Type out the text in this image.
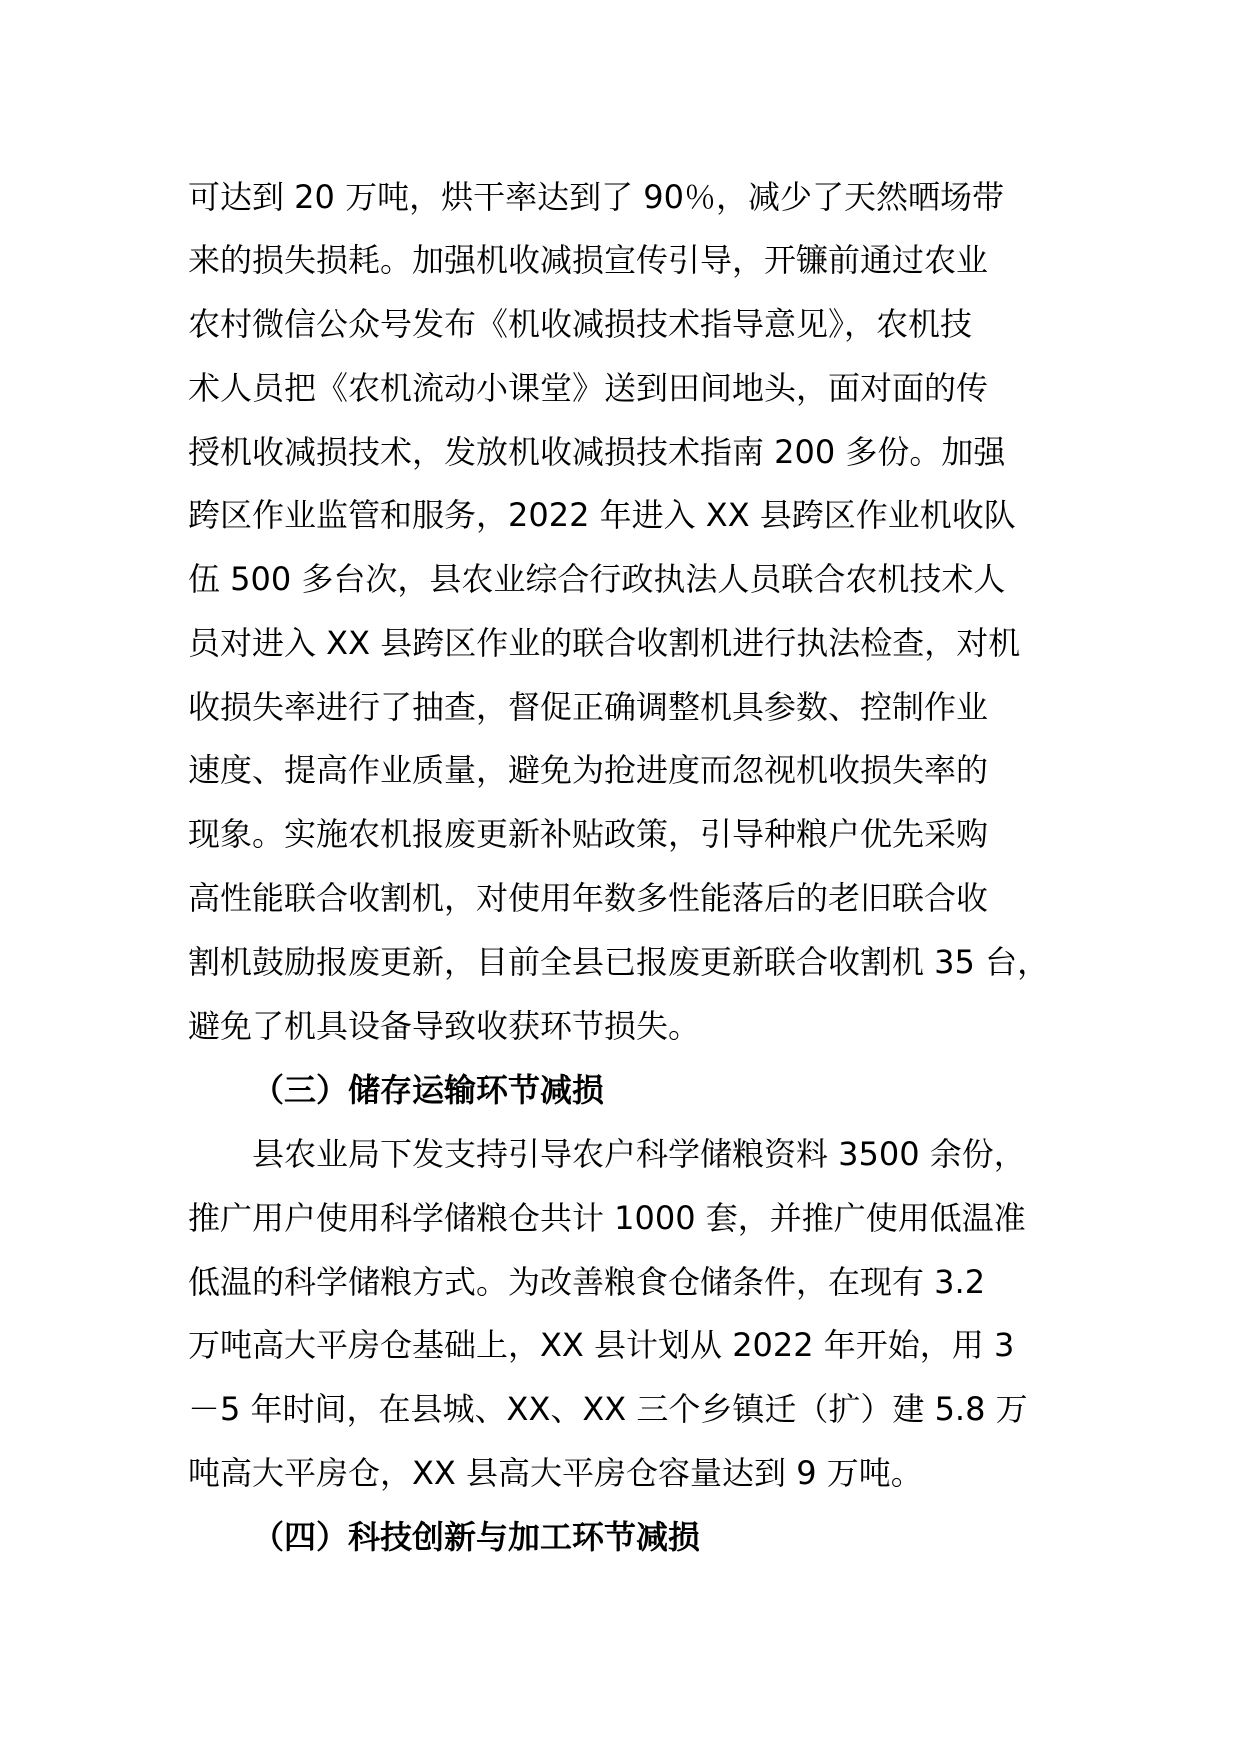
可达到 20 万吨，烘干率达到了 90％，减少了天然晒场带
来的损失损耗。加强机收减损宣传引导，开镰前通过农业
农村微信公众号发布《机收减损技术指导意见》，农机技
术人员把《农机流动小课堂》送到田间地头，面对面的传
授机收减损技术，发放机收减损技术指南 200 多份。加强
跨区作业监管和服务，2022 年进入 XX 县跨区作业机收队
伍 500 多台次，县农业综合行政执法人员联合农机技术人
员对进入 XX 县跨区作业的联合收割机进行执法检查，对机
收损失率进行了抽查，督促正确调整机具参数、控制作业
速度、提高作业质量，避免为抢进度而忽视机收损失率的
现象。实施农机报废更新补贴政策，引导种粮户优先采购
高性能联合收割机，对使用年数多性能落后的老旧联合收
割机鼓励报废更新，目前全县已报废更新联合收割机 35 台，
避免了机具设备导致收获环节损失。
（三）储存运输环节减损
县农业局下发支持引导农户科学储粮资料 3500 余份，
推广用户使用科学储粮仓共计 1000 套，并推广使用低温准
低温的科学储粮方式。为改善粮食仓储条件，在现有 3.2
万吨高大平房仓基础上，XX 县计划从 2022 年开始，用 3
－5 年时间，在县城、XX、XX 三个乡镇迁（扩）建 5.8 万
吨高大平房仓，XX 县高大平房仓容量达到 9 万吨。
（四）科技创新与加工环节减损
